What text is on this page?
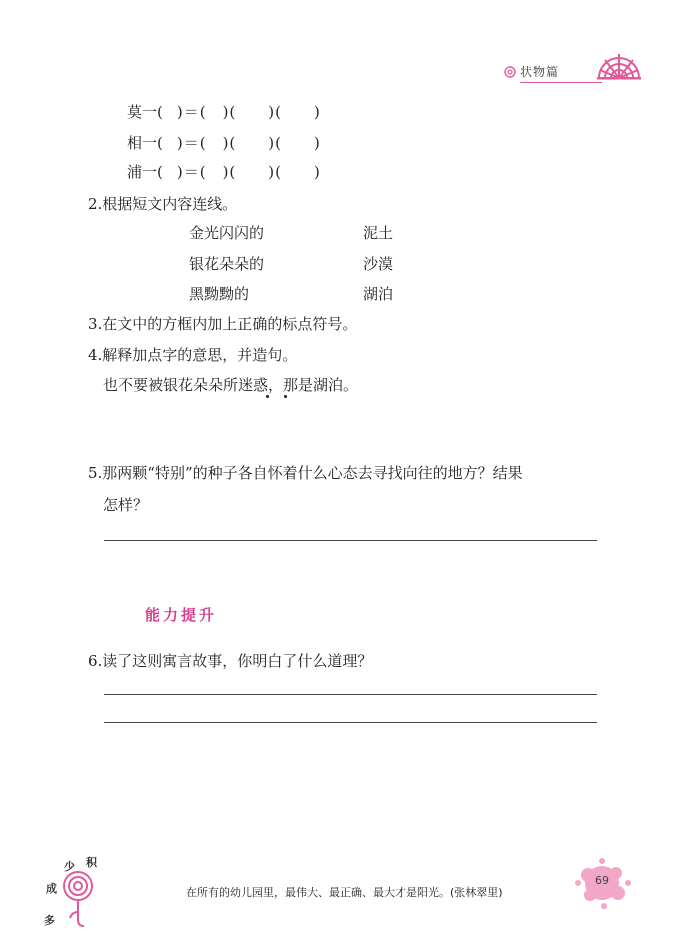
状物篇
莫一( )＝(　)(　　)(　　)
相一( )＝(　)(　　)(　　)
浦一( )＝(　)(　　)(　　)
2.根据短文内容连线。
金光闪闪的
银花朵朵的
黑黝黝的
泥土
沙漠
湖泊
3.在文中的方框内加上正确的标点符号。
4.解释加点字的意思，并造句。
也不要被银花朵朵所迷惑，那是湖泊。
5.那两颗“特别”的种子各自怀着什么心态去寻找向往的地方？结果
怎样？
能力提升
6.读了这则寓言故事，你明白了什么道理？
少 积
成
多
在所有的幼儿园里，最伟大、最正确、最大才是阳光。(张林翠里)
69
